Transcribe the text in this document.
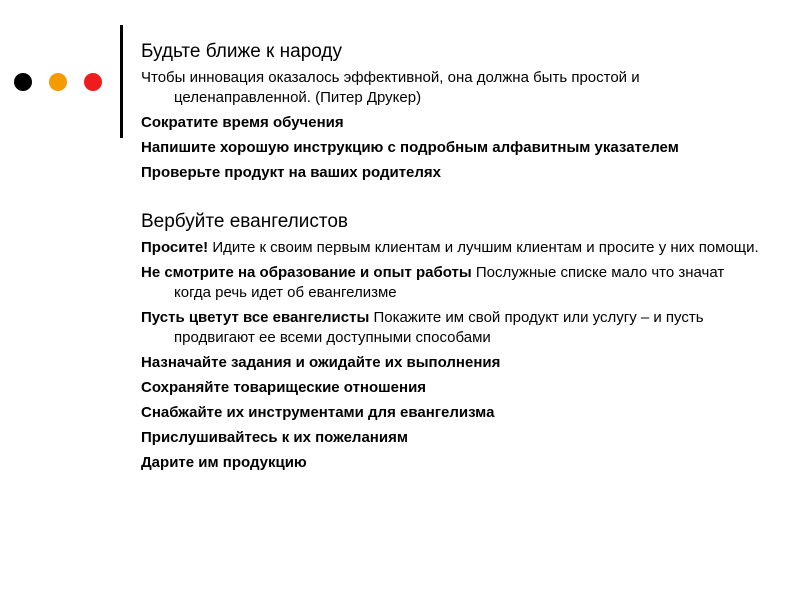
Будьте ближе к народу
Чтобы инновация оказалось эффективной, она должна быть простой и целенаправленной. (Питер Друкер)
Сократите время обучения
Напишите хорошую инструкцию с подробным алфавитным указателем
Проверьте продукт на ваших родителях
Вербуйте евангелистов
Просите! Идите к своим первым клиентам и лучшим клиентам и просите у них помощи.
Не смотрите на образование и опыт работы Послужные списке мало что значат когда речь идет об евангелизме
Пусть цветут все евангелисты Покажите им свой продукт или услугу – и пусть продвигают ее всеми доступными способами
Назначайте задания и ожидайте их выполнения
Сохраняйте товарищеские отношения
Снабжайте их инструментами для евангелизма
Прислушивайтесь к их пожеланиям
Дарите им продукцию
